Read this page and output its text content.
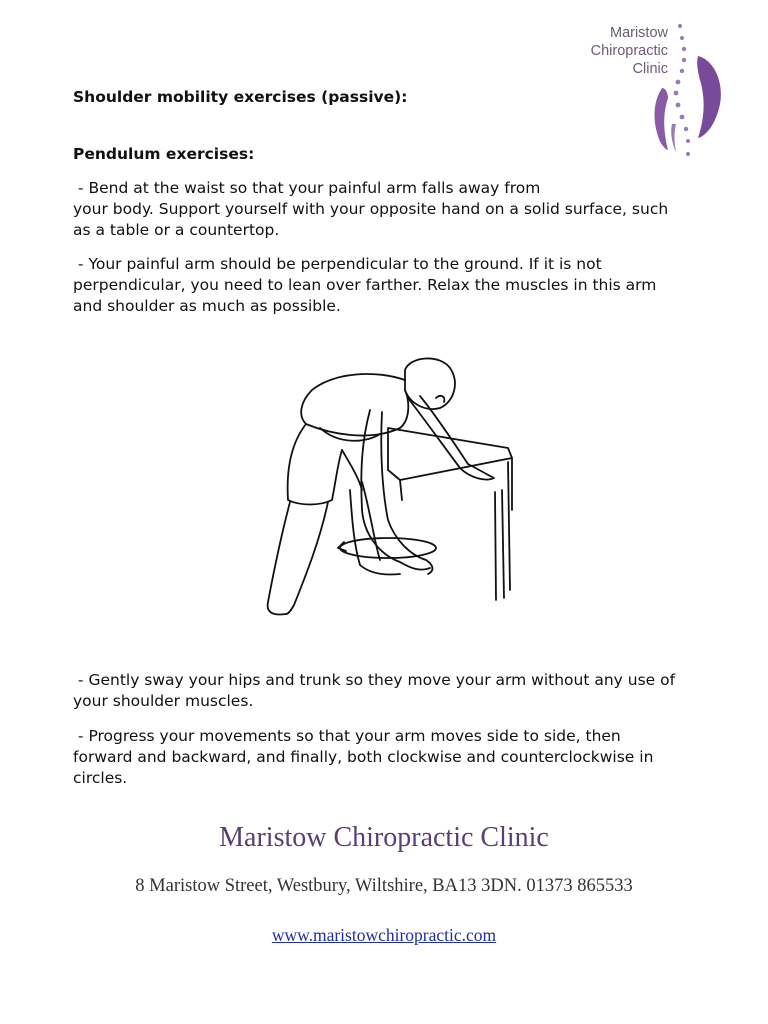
Maristow
Chiropractic
Clinic
Shoulder mobility exercises (passive):
Pendulum exercises:
- Bend at the waist so that your painful arm falls away from
your body. Support yourself with your opposite hand on a solid surface, such
as a table or a countertop.
- Your painful arm should be perpendicular to the ground. If it is not
perpendicular, you need to lean over farther. Relax the muscles in this arm
and shoulder as much as possible.
- Gently sway your hips and trunk so they move your arm without any use of
your shoulder muscles.
- Progress your movements so that your arm moves side to side, then
forward and backward, and finally, both clockwise and counterclockwise in
circles.
Maristow Chiropractic Clinic
8 Maristow Street, Westbury, Wiltshire, BA13 3DN. 01373 865533
www.maristowchiropractic.com
